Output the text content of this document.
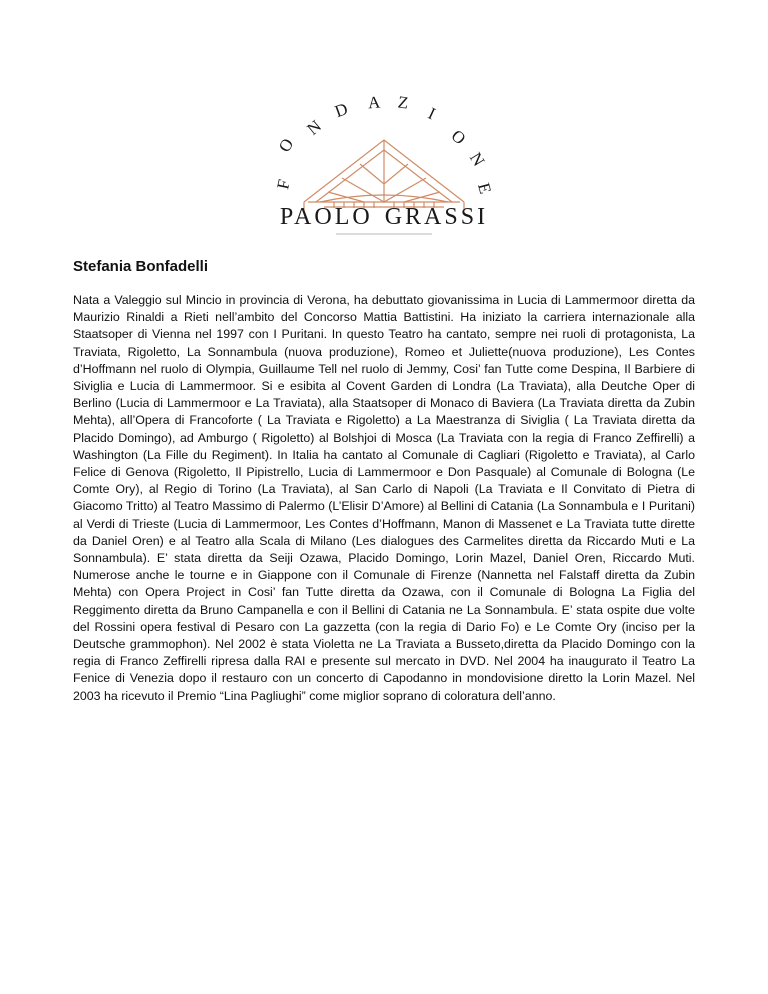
F
O
N
D A Z
I
O
N
E
PAOLO GRASSI
Stefania Bonfadelli

Nata a Valeggio sul Mincio in provincia di Verona, ha debuttato giovanissima in Lucia di Lammermoor diretta da Maurizio Rinaldi a Rieti nell’ambito del Concorso Mattia Battistini. Ha iniziato la carriera internazionale alla Staatsoper di Vienna nel 1997 con I Puritani. In questo Teatro ha cantato, sempre nei ruoli di protagonista, La Traviata, Rigoletto, La Sonnambula (nuova produzione), Romeo et Juliette(nuova produzione), Les Contes d’Hoffmann nel ruolo di Olympia, Guillaume Tell nel ruolo di Jemmy, Cosi’ fan Tutte come Despina, Il Barbiere di Siviglia e Lucia di Lammermoor. Si e esibita al Covent Garden di Londra (La Traviata), alla Deutche Oper di Berlino (Lucia di Lammermoor e La Traviata), alla Staatsoper di Monaco di Baviera (La Traviata diretta da Zubin Mehta), all’Opera di Francoforte ( La Traviata e Rigoletto) a La Maestranza di Siviglia ( La Traviata diretta da Placido Domingo), ad Amburgo ( Rigoletto) al Bolshjoi di Mosca (La Traviata con la regia di Franco Zeffirelli) a Washington (La Fille du Regiment). In Italia ha cantato al Comunale di Cagliari (Rigoletto e Traviata), al Carlo Felice di Genova (Rigoletto, Il Pipistrello, Lucia di Lammermoor e Don Pasquale) al Comunale di Bologna (Le Comte Ory), al Regio di Torino (La Traviata), al San Carlo di Napoli (La Traviata e Il Convitato di Pietra di Giacomo Tritto) al Teatro Massimo di Palermo (L’Elisir D’Amore) al Bellini di Catania (La Sonnambula e I Puritani) al Verdi di Trieste (Lucia di Lammermoor, Les Contes d’Hoffmann, Manon di Massenet e La Traviata tutte dirette da Daniel Oren) e al Teatro alla Scala di Milano (Les dialogues des Carmelites diretta da Riccardo Muti e La Sonnambula). E’ stata diretta da Seiji Ozawa, Placido Domingo, Lorin Mazel, Daniel Oren, Riccardo Muti. Numerose anche le tourne e in Giappone con il Comunale di Firenze (Nannetta nel Falstaff diretta da Zubin Mehta) con Opera Project in Cosi’ fan Tutte diretta da Ozawa, con il Comunale di Bologna La Figlia del Reggimento diretta da Bruno Campanella e con il Bellini di Catania ne La Sonnambula. E’ stata ospite due volte del Rossini opera festival di Pesaro con La gazzetta (con la regia di Dario Fo) e Le Comte Ory (inciso per la Deutsche grammophon). Nel 2002 è stata Violetta ne La Traviata a Busseto,diretta da Placido Domingo con la regia di Franco Zeffirelli ripresa dalla RAI e presente sul mercato in DVD. Nel 2004 ha inaugurato il Teatro La Fenice di Venezia dopo il restauro con un concerto di Capodanno in mondovisione diretto la Lorin Mazel. Nel 2003 ha ricevuto il Premio “Lina Pagliughi” come miglior soprano di coloratura dell’anno.
